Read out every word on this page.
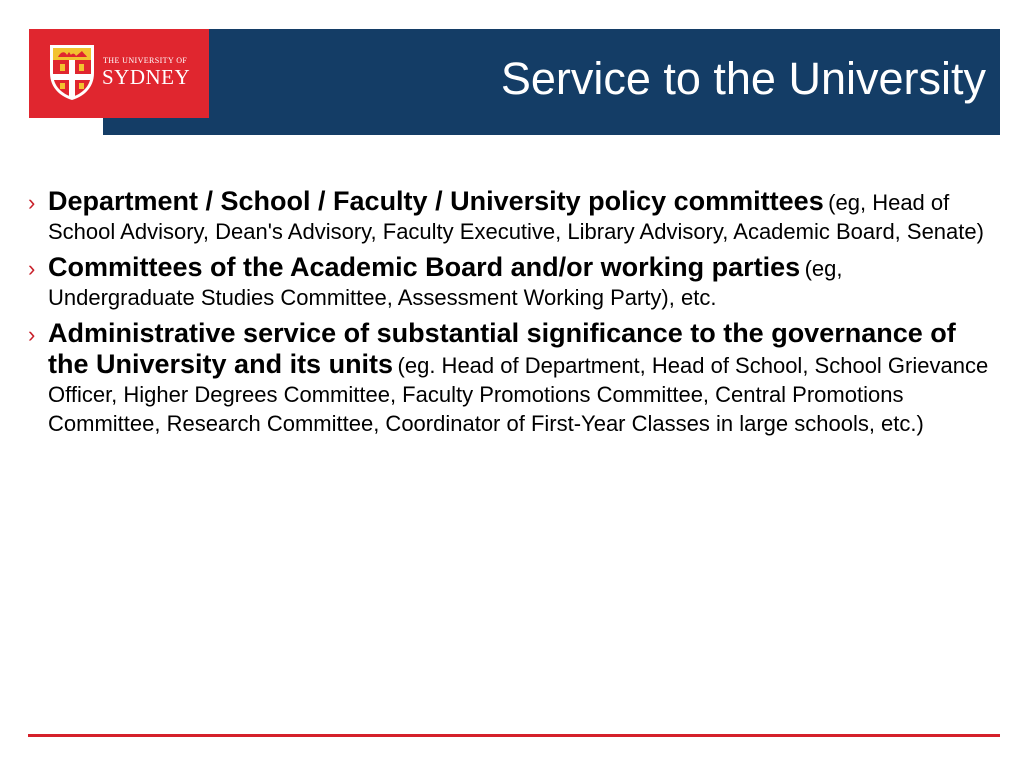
THE UNIVERSITY OF
SYDNEY	Service to the University
› Department / School / Faculty / University policy committees (eg, Head of School Advisory, Dean's Advisory, Faculty Executive, Library Advisory, Academic Board, Senate)
› Committees of the Academic Board and/or working parties (eg, Undergraduate Studies Committee, Assessment Working Party), etc.
› Administrative service of substantial significance to the governance of the University and its units (eg. Head of Department, Head of School, School Grievance Officer, Higher Degrees Committee, Faculty Promotions Committee, Central Promotions Committee, Research Committee, Coordinator of First-Year Classes in large schools, etc.)
